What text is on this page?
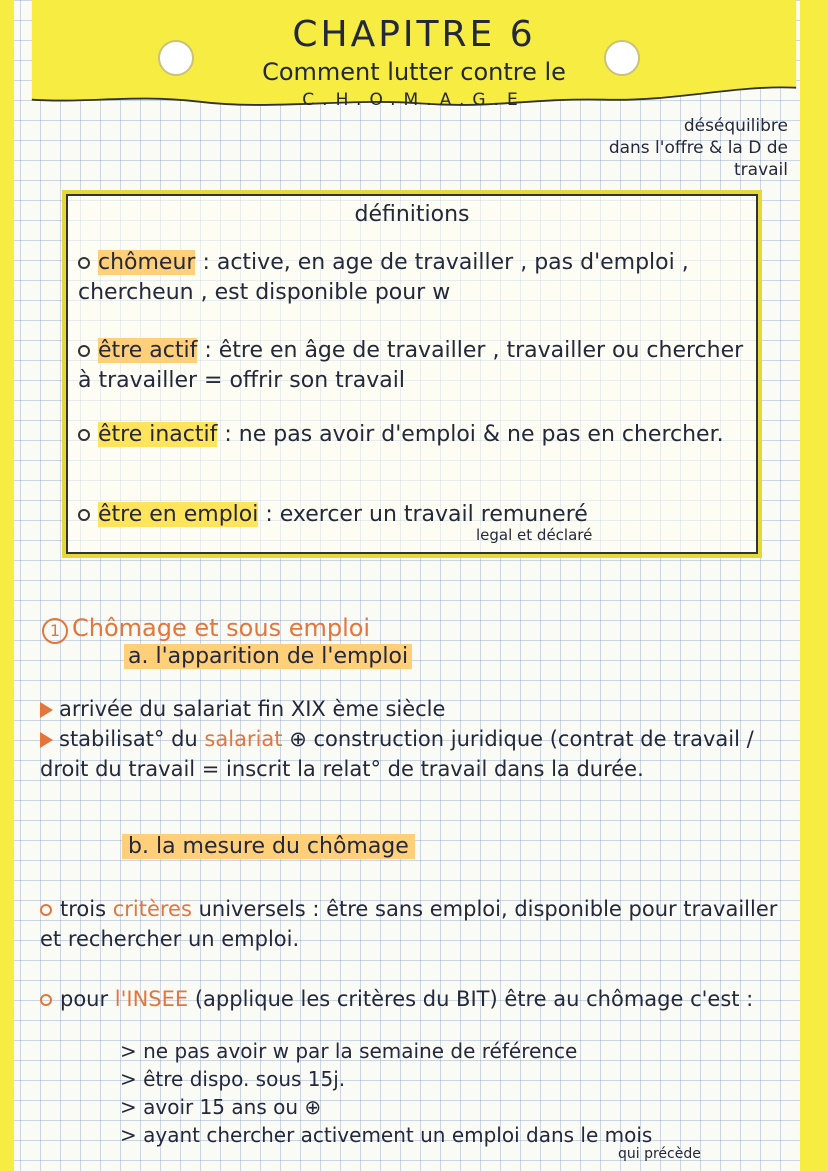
CHAPITRE 6
Comment lutter contre le
C.H.O.M.A.G.E
déséquilibre
dans l'offre & la D de
travail
définitions
chômeur : active, en age de travailler , pas d'emploi , chercheun , est disponible pour w
être actif : être en âge de travailler , travailler ou chercher à travailler = offrir son travail
être inactif : ne pas avoir d'emploi & ne pas en chercher.
être en emploi : exercer un travail remuneré
legal et déclaré
1 Chômage et sous emploi
a. l'apparition de l'emploi
arrivée du salariat fin XIX ème siècle
stabilisat° du salariat ⊕ construction juridique (contrat de travail / droit du travail = inscrit la relat° de travail dans la durée.
b. la mesure du chômage
trois critères universels : être sans emploi, disponible pour travailler et rechercher un emploi.
pour l'INSEE (applique les critères du BIT) être au chômage c'est :
> ne pas avoir w par la semaine de référence
> être dispo. sous 15j.
> avoir 15 ans ou ⊕
> ayant chercher activement un emploi dans le mois
qui précède
